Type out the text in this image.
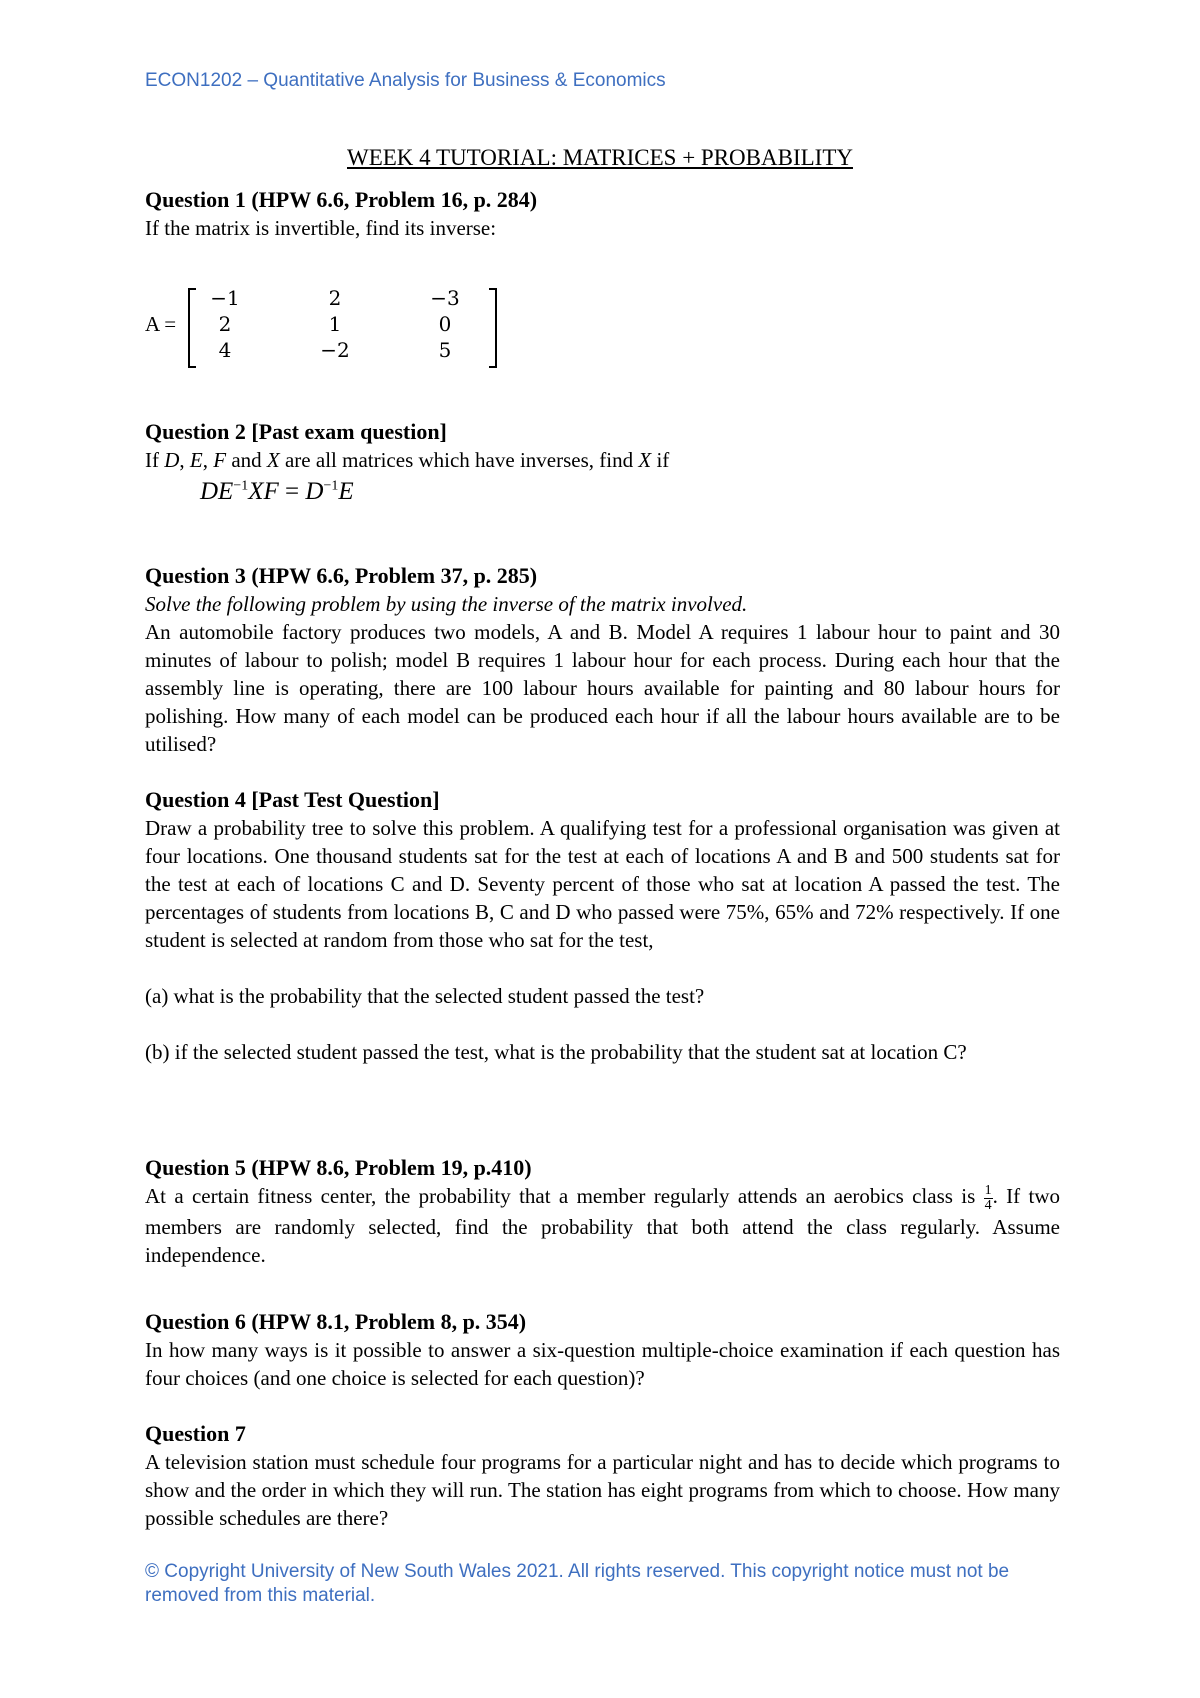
ECON1202 – Quantitative Analysis for Business & Economics
WEEK 4 TUTORIAL: MATRICES + PROBABILITY
Question 1 (HPW 6.6, Problem 16, p. 284)
If the matrix is invertible, find its inverse:
A =
−1	2	−3
2	1	0
4	−2	5
Question 2 [Past exam question]
If D, E, F and X are all matrices which have inverses, find X if
$DE^{-1}XF = D^{-1}E$
Question 3 (HPW 6.6, Problem 37, p. 285)
Solve the following problem by using the inverse of the matrix involved.
An automobile factory produces two models, A and B. Model A requires 1 labour hour to paint and 30 minutes of labour to polish; model B requires 1 labour hour for each process. During each hour that the assembly line is operating, there are 100 labour hours available for painting and 80 labour hours for polishing. How many of each model can be produced each hour if all the labour hours available are to be utilised?
Question 4 [Past Test Question]
Draw a probability tree to solve this problem. A qualifying test for a professional organisation was given at four locations. One thousand students sat for the test at each of locations A and B and 500 students sat for the test at each of locations C and D. Seventy percent of those who sat at location A passed the test. The percentages of students from locations B, C and D who passed were 75%, 65% and 72% respectively. If one student is selected at random from those who sat for the test,
(a) what is the probability that the selected student passed the test?
(b) if the selected student passed the test, what is the probability that the student sat at location C?
Question 5 (HPW 8.6, Problem 19, p.410)
At a certain fitness center, the probability that a member regularly attends an aerobics class is $\frac{1}{4}$ . If two members are randomly selected, find the probability that both attend the class regularly. Assume independence.
Question 6 (HPW 8.1, Problem 8, p. 354)
In how many ways is it possible to answer a six-question multiple-choice examination if each question has four choices (and one choice is selected for each question)?
Question 7
A television station must schedule four programs for a particular night and has to decide which programs to show and the order in which they will run. The station has eight programs from which to choose. How many possible schedules are there?
© Copyright University of New South Wales 2021. All rights reserved. This copyright notice must not be removed from this material.
